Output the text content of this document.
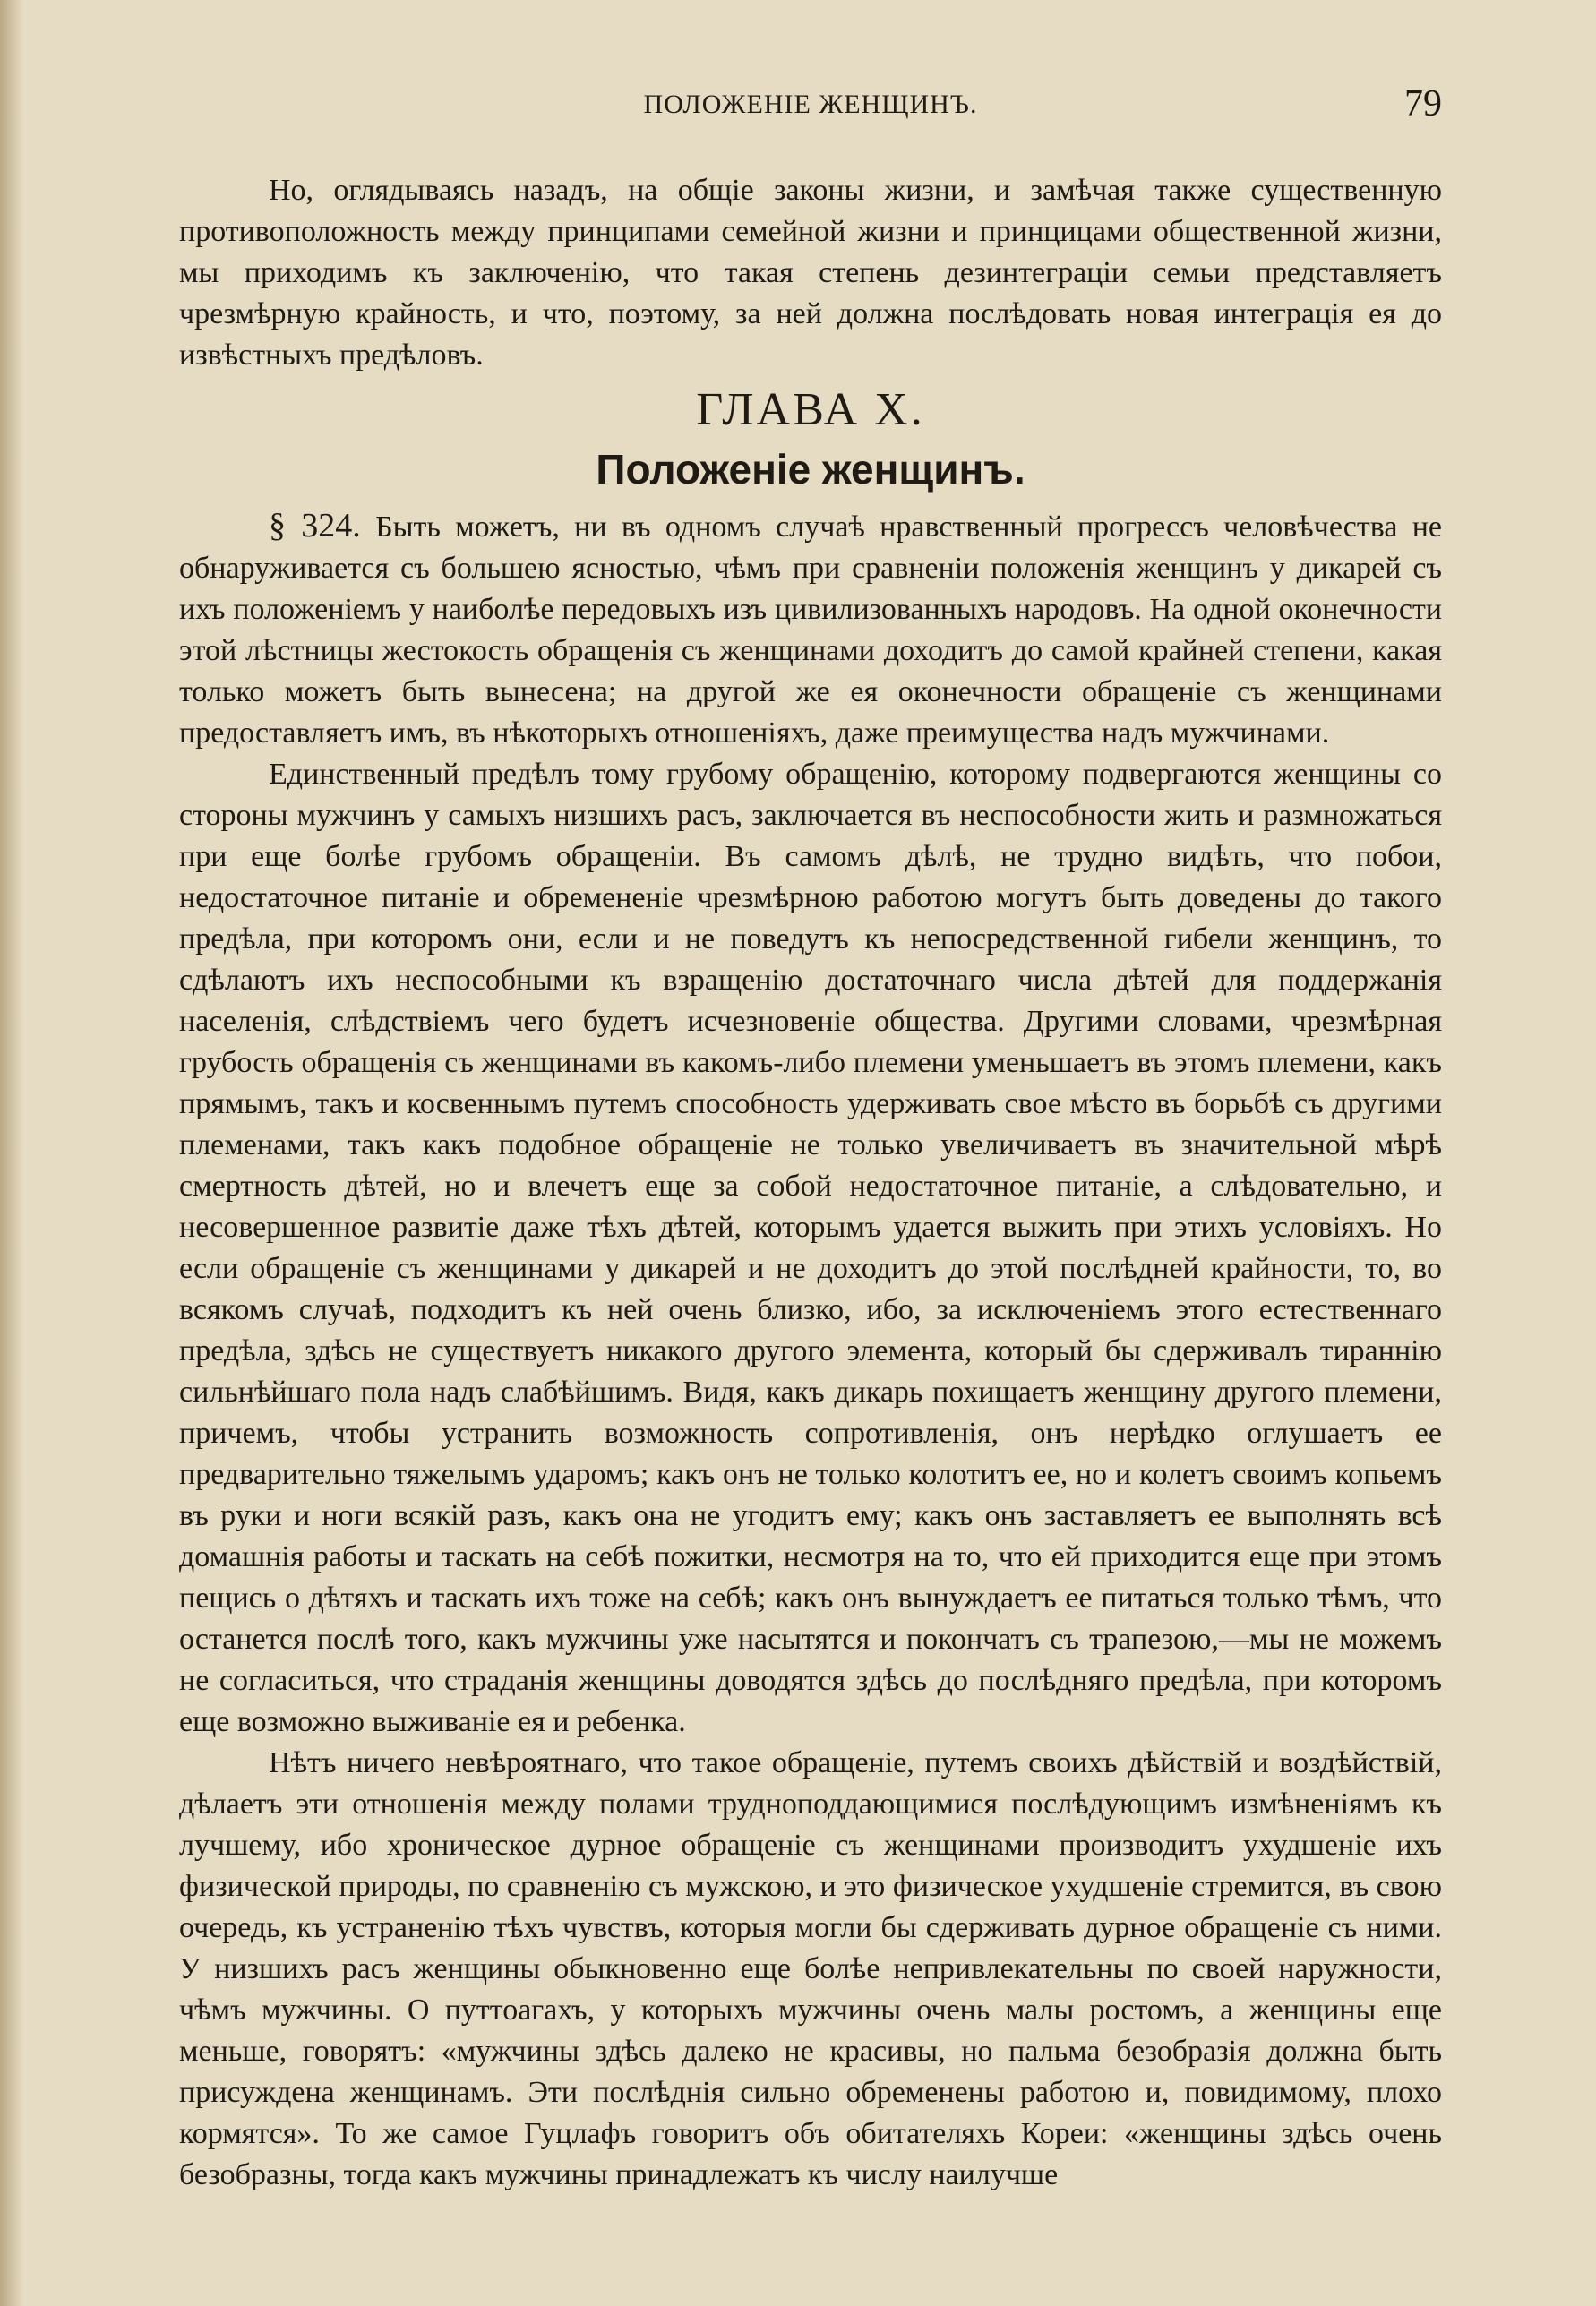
ПОЛОЖЕНІЕ ЖЕНЩИНЪ.	79

Но, оглядываясь назадъ, на общіе законы жизни, и замѣчая также существенную противоположность между принципами семейной жизни и принцицами общественной жизни, мы приходимъ къ заключенію, что такая степень дезинтеграціи семьи представляетъ чрезмѣрную крайность, и что, поэтому, за ней должна послѣдовать новая интеграція ея до извѣстныхъ предѣловъ.

ГЛАВА X.
Положеніе женщинъ.

§ 324. Быть можетъ, ни въ одномъ случаѣ нравственный прогрессъ человѣчества не обнаруживается съ большею ясностью, чѣмъ при сравненіи положенія женщинъ у дикарей съ ихъ положеніемъ у наиболѣе передовыхъ изъ цивилизованныхъ народовъ. На одной оконечности этой лѣстницы жестокость обращенія съ женщинами доходитъ до самой крайней степени, какая только можетъ быть вынесена; на другой же ея оконечности обращеніе съ женщинами предоставляетъ имъ, въ нѣкоторыхъ отношеніяхъ, даже преимущества надъ мужчинами.

Единственный предѣлъ тому грубому обращенію, которому подвергаются женщины со стороны мужчинъ у самыхъ низшихъ расъ, заключается въ неспособности жить и размножаться при еще болѣе грубомъ обращеніи. Въ самомъ дѣлѣ, не трудно видѣть, что побои, недостаточное питаніе и обремененіе чрезмѣрною работою могутъ быть доведены до такого предѣла, при которомъ они, если и не поведутъ къ непосредственной гибели женщинъ, то сдѣлаютъ ихъ неспособными къ взращенію достаточнаго числа дѣтей для поддержанія населенія, слѣдствіемъ чего будетъ исчезновеніе общества. Другими словами, чрезмѣрная грубость обращенія съ женщинами въ какомъ-либо племени уменьшаетъ въ этомъ племени, какъ прямымъ, такъ и косвеннымъ путемъ способность удерживать свое мѣсто въ борьбѣ съ другими племенами, такъ какъ подобное обращеніе не только увеличиваетъ въ значительной мѣрѣ смертность дѣтей, но и влечетъ еще за собой недостаточное питаніе, а слѣдовательно, и несовершенное развитіе даже тѣхъ дѣтей, которымъ удается выжить при этихъ условіяхъ. Но если обращеніе съ женщинами у дикарей и не доходитъ до этой послѣдней крайности, то, во всякомъ случаѣ, подходитъ къ ней очень близко, ибо, за исключеніемъ этого естественнаго предѣла, здѣсь не существуетъ никакого другого элемента, который бы сдерживалъ тираннію сильнѣйшаго пола надъ слабѣйшимъ. Видя, какъ дикарь похищаетъ женщину другого племени, причемъ, чтобы устранить возможность сопротивленія, онъ нерѣдко оглушаетъ ее предварительно тяжелымъ ударомъ; какъ онъ не только колотитъ ее, но и колетъ своимъ копьемъ въ руки и ноги всякій разъ, какъ она не угодитъ ему; какъ онъ заставляетъ ее выполнять всѣ домашнія работы и таскать на себѣ пожитки, несмотря на то, что ей приходится еще при этомъ пещись о дѣтяхъ и таскать ихъ тоже на себѣ; какъ онъ вынуждаетъ ее питаться только тѣмъ, что останется послѣ того, какъ мужчины уже насытятся и покончатъ съ трапезою,—мы не можемъ не согласиться, что страданія женщины доводятся здѣсь до послѣдняго предѣла, при которомъ еще возможно выживаніе ея и ребенка.

Нѣтъ ничего невѣроятнаго, что такое обращеніе, путемъ своихъ дѣйствій и воздѣйствій, дѣлаетъ эти отношенія между полами трудноподдающимися послѣдующимъ измѣненіямъ къ лучшему, ибо хроническое дурное обращеніе съ женщинами производитъ ухудшеніе ихъ физической природы, по сравненію съ мужскою, и это физическое ухудшеніе стремится, въ свою очередь, къ устраненію тѣхъ чувствъ, которыя могли бы сдерживать дурное обращеніе съ ними. У низшихъ расъ женщины обыкновенно еще болѣе непривлекательны по своей наружности, чѣмъ мужчины. О путтоагахъ, у которыхъ мужчины очень малы ростомъ, а женщины еще меньше, говорятъ: «мужчины здѣсь далеко не красивы, но пальма безобразія должна быть присуждена женщинамъ. Эти послѣднія сильно обременены работою и, повидимому, плохо кормятся». То же самое Гуцлафъ говоритъ объ обитателяхъ Кореи: «женщины здѣсь очень безобразны, тогда какъ мужчины принадлежатъ къ числу наилучше
